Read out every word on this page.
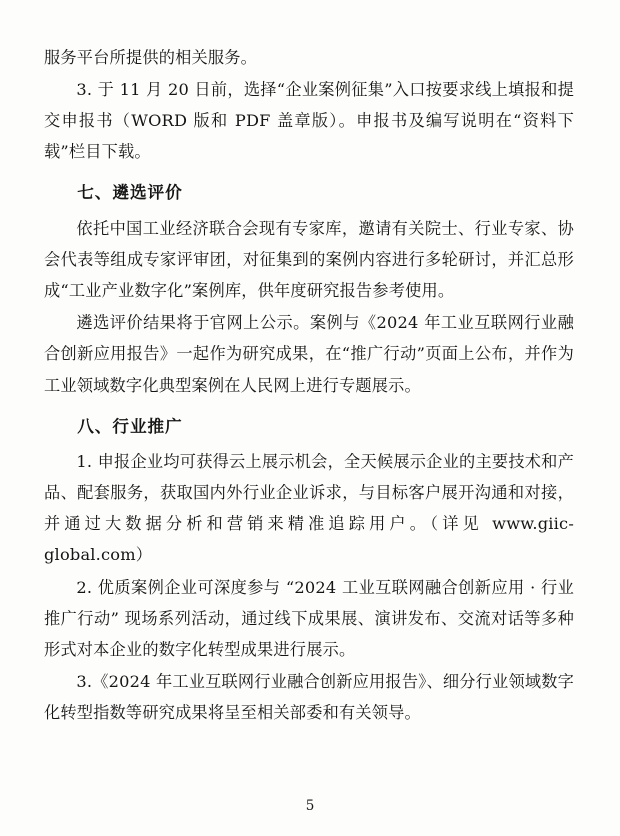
服务平台所提供的相关服务。

3. 于 11 月 20 日前，选择“企业案例征集”入口按要求线上填报和提交申报书（WORD 版和 PDF 盖章版）。申报书及编写说明在“资料下载”栏目下载。

七、遴选评价

依托中国工业经济联合会现有专家库，邀请有关院士、行业专家、协会代表等组成专家评审团，对征集到的案例内容进行多轮研讨，并汇总形成“工业产业数字化”案例库，供年度研究报告参考使用。

遴选评价结果将于官网上公示。案例与《2024 年工业互联网行业融合创新应用报告》一起作为研究成果，在“推广行动”页面上公布，并作为工业领域数字化典型案例在人民网上进行专题展示。

八、行业推广

1. 申报企业均可获得云上展示机会，全天候展示企业的主要技术和产品、配套服务，获取国内外行业企业诉求，与目标客户展开沟通和对接，并通过大数据分析和营销来精准追踪用户。（详见 www.giic-global.com）

2. 优质案例企业可深度参与 “2024 工业互联网融合创新应用 · 行业推广行动” 现场系列活动，通过线下成果展、演讲发布、交流对话等多种形式对本企业的数字化转型成果进行展示。

3.《2024 年工业互联网行业融合创新应用报告》、细分行业领域数字化转型指数等研究成果将呈至相关部委和有关领导。

5
